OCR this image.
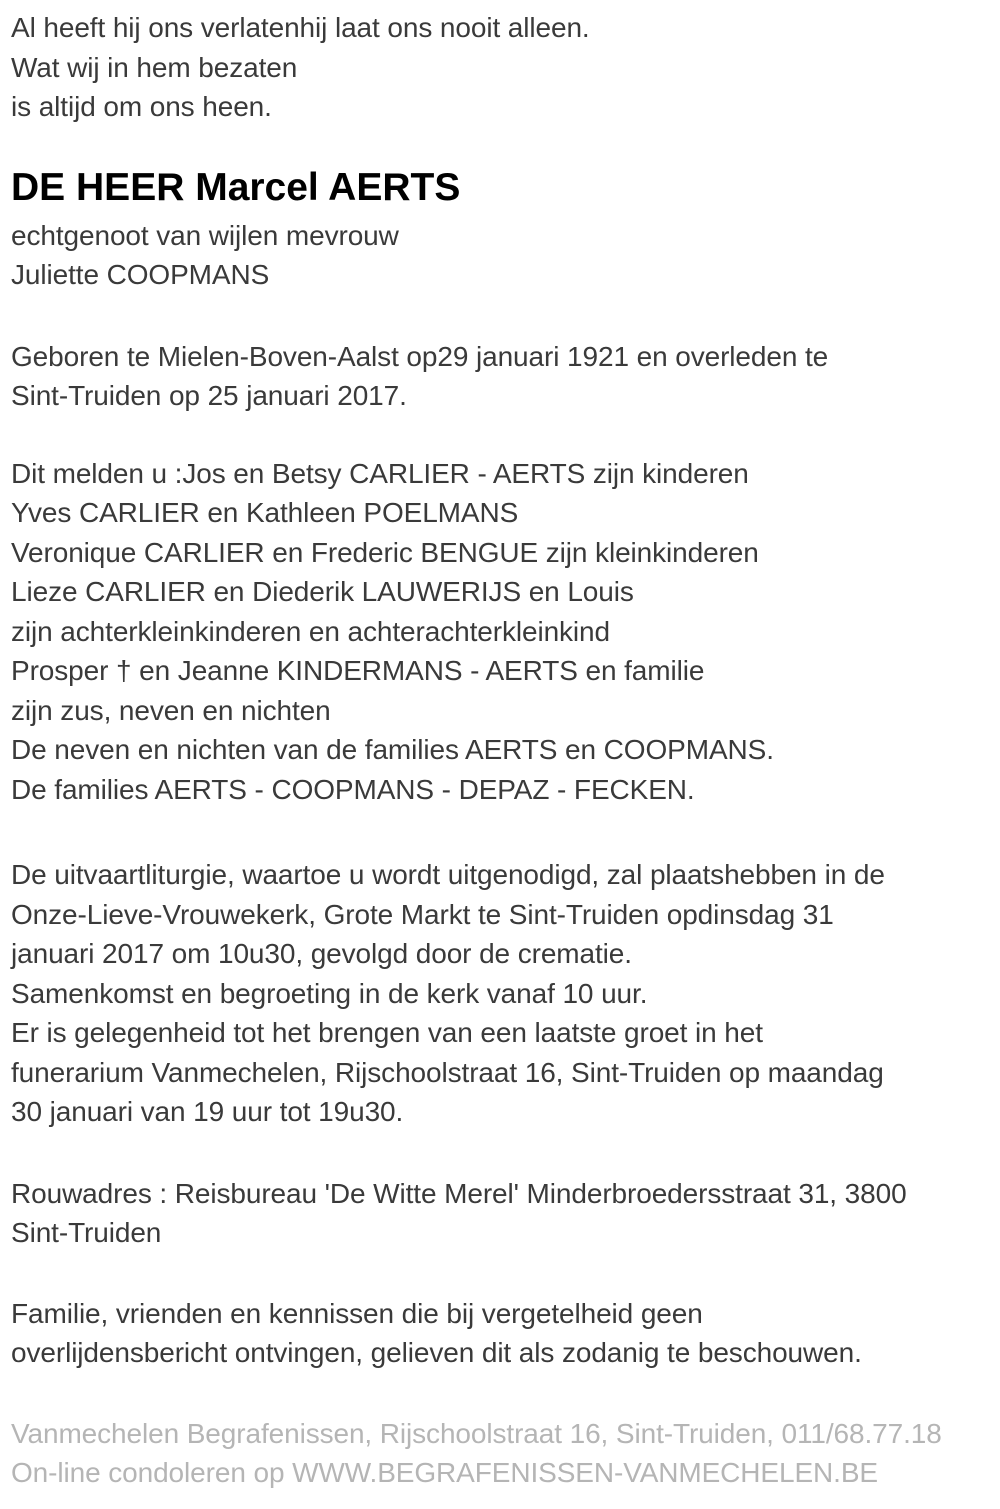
Al heeft hij ons verlatenhij laat ons nooit alleen.
Wat wij in hem bezaten
is altijd om ons heen.
DE HEER Marcel AERTS
echtgenoot van wijlen mevrouw
Juliette COOPMANS
Geboren te Mielen-Boven-Aalst op29 januari 1921 en overleden te
Sint-Truiden op 25 januari 2017.
Dit melden u :Jos en Betsy CARLIER - AERTS zijn kinderen
Yves CARLIER en Kathleen POELMANS
Veronique CARLIER en Frederic BENGUE zijn kleinkinderen
Lieze CARLIER en Diederik LAUWERIJS en Louis
zijn achterkleinkinderen en achterachterkleinkind
Prosper † en Jeanne KINDERMANS - AERTS en familie
zijn zus, neven en nichten
De neven en nichten van de families AERTS en COOPMANS.
De families AERTS - COOPMANS - DEPAZ - FECKEN.
De uitvaartliturgie, waartoe u wordt uitgenodigd, zal plaatshebben in de
Onze-Lieve-Vrouwekerk, Grote Markt te Sint-Truiden opdinsdag 31
januari 2017 om 10u30, gevolgd door de crematie.
Samenkomst en begroeting in de kerk vanaf 10 uur.
Er is gelegenheid tot het brengen van een laatste groet in het
funerarium Vanmechelen, Rijschoolstraat 16, Sint-Truiden op maandag
30 januari van 19 uur tot 19u30.
Rouwadres : Reisbureau 'De Witte Merel' Minderbroedersstraat 31, 3800
Sint-Truiden
Familie, vrienden en kennissen die bij vergetelheid geen
overlijdensbericht ontvingen, gelieven dit als zodanig te beschouwen.
Vanmechelen Begrafenissen, Rijschoolstraat 16, Sint-Truiden, 011/68.77.18
On-line condoleren op WWW.BEGRAFENISSEN-VANMECHELEN.BE
